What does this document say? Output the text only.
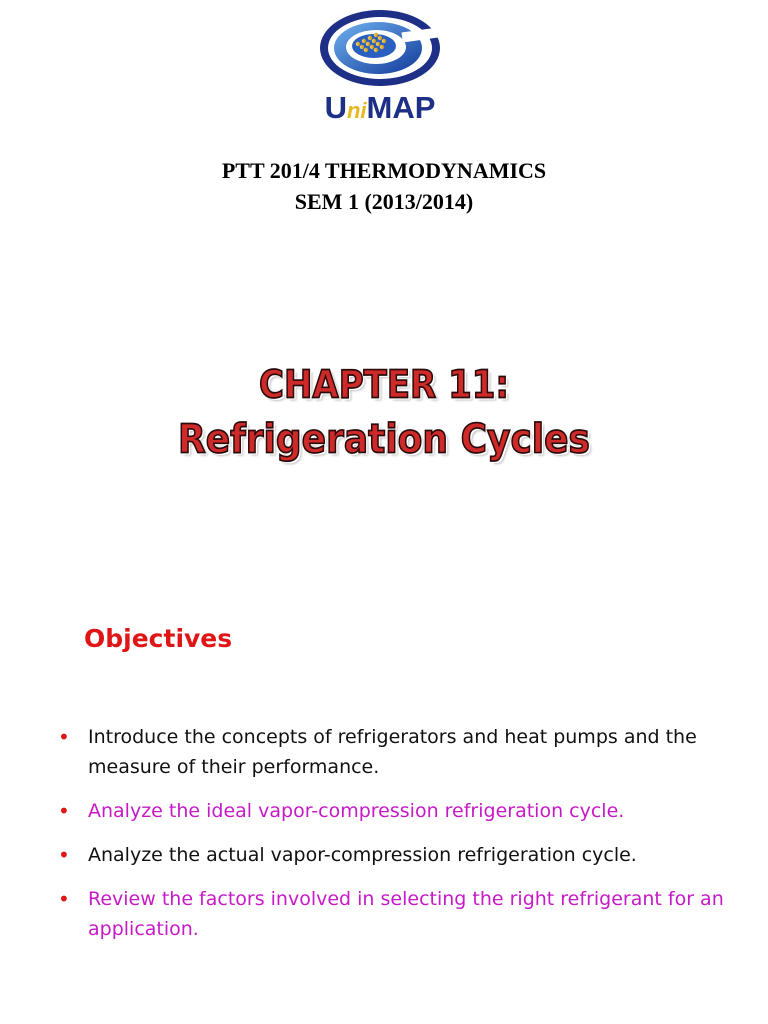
UniMAP
PTT 201/4 THERMODYNAMICS
SEM 1 (2013/2014)
CHAPTER 11:
Refrigeration Cycles
Objectives
• Introduce the concepts of refrigerators and heat pumps and the measure of their performance.
• Analyze the ideal vapor-compression refrigeration cycle.
• Analyze the actual vapor-compression refrigeration cycle.
• Review the factors involved in selecting the right refrigerant for an application.
